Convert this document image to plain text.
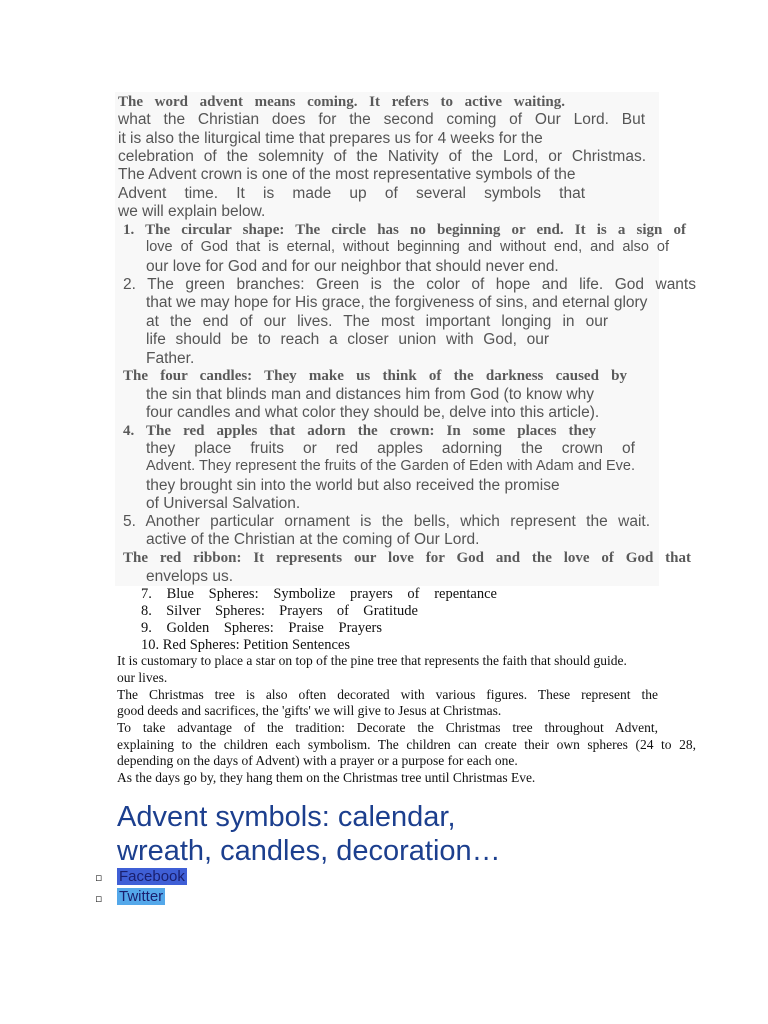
The word advent means coming. It refers to active waiting.
what the Christian does for the second coming of Our Lord. But
it is also the liturgical time that prepares us for 4 weeks for the
celebration of the solemnity of the Nativity of the Lord, or Christmas.
The Advent crown is one of the most representative symbols of the
Advent time. It is made up of several symbols that
we will explain below.
1. The circular shape: The circle has no beginning or end. It is a sign of
love of God that is eternal, without beginning and without end, and also of
our love for God and for our neighbor that should never end.
2. The green branches: Green is the color of hope and life. God wants
that we may hope for His grace, the forgiveness of sins, and eternal glory
at the end of our lives. The most important longing in our
life should be to reach a closer union with God, our
Father.
The four candles: They make us think of the darkness caused by
the sin that blinds man and distances him from God (to know why
four candles and what color they should be, delve into this article).
4. The red apples that adorn the crown: In some places they
they place fruits or red apples adorning the crown of
Advent. They represent the fruits of the Garden of Eden with Adam and Eve.
they brought sin into the world but also received the promise
of Universal Salvation.
5. Another particular ornament is the bells, which represent the wait.
active of the Christian at the coming of Our Lord.
The red ribbon: It represents our love for God and the love of God that
envelops us.
7. Blue Spheres: Symbolize prayers of repentance
8. Silver Spheres: Prayers of Gratitude
9. Golden Spheres: Praise Prayers
10. Red Spheres: Petition Sentences
It is customary to place a star on top of the pine tree that represents the faith that should guide.
our lives.
The Christmas tree is also often decorated with various figures. These represent the
good deeds and sacrifices, the 'gifts' we will give to Jesus at Christmas.
To take advantage of the tradition: Decorate the Christmas tree throughout Advent,
explaining to the children each symbolism. The children can create their own spheres (24 to 28,
depending on the days of Advent) with a prayer or a purpose for each one.
As the days go by, they hang them on the Christmas tree until Christmas Eve.
Advent symbols: calendar,
wreath, candles, decoration…
▫ Facebook
▫ Twitter
